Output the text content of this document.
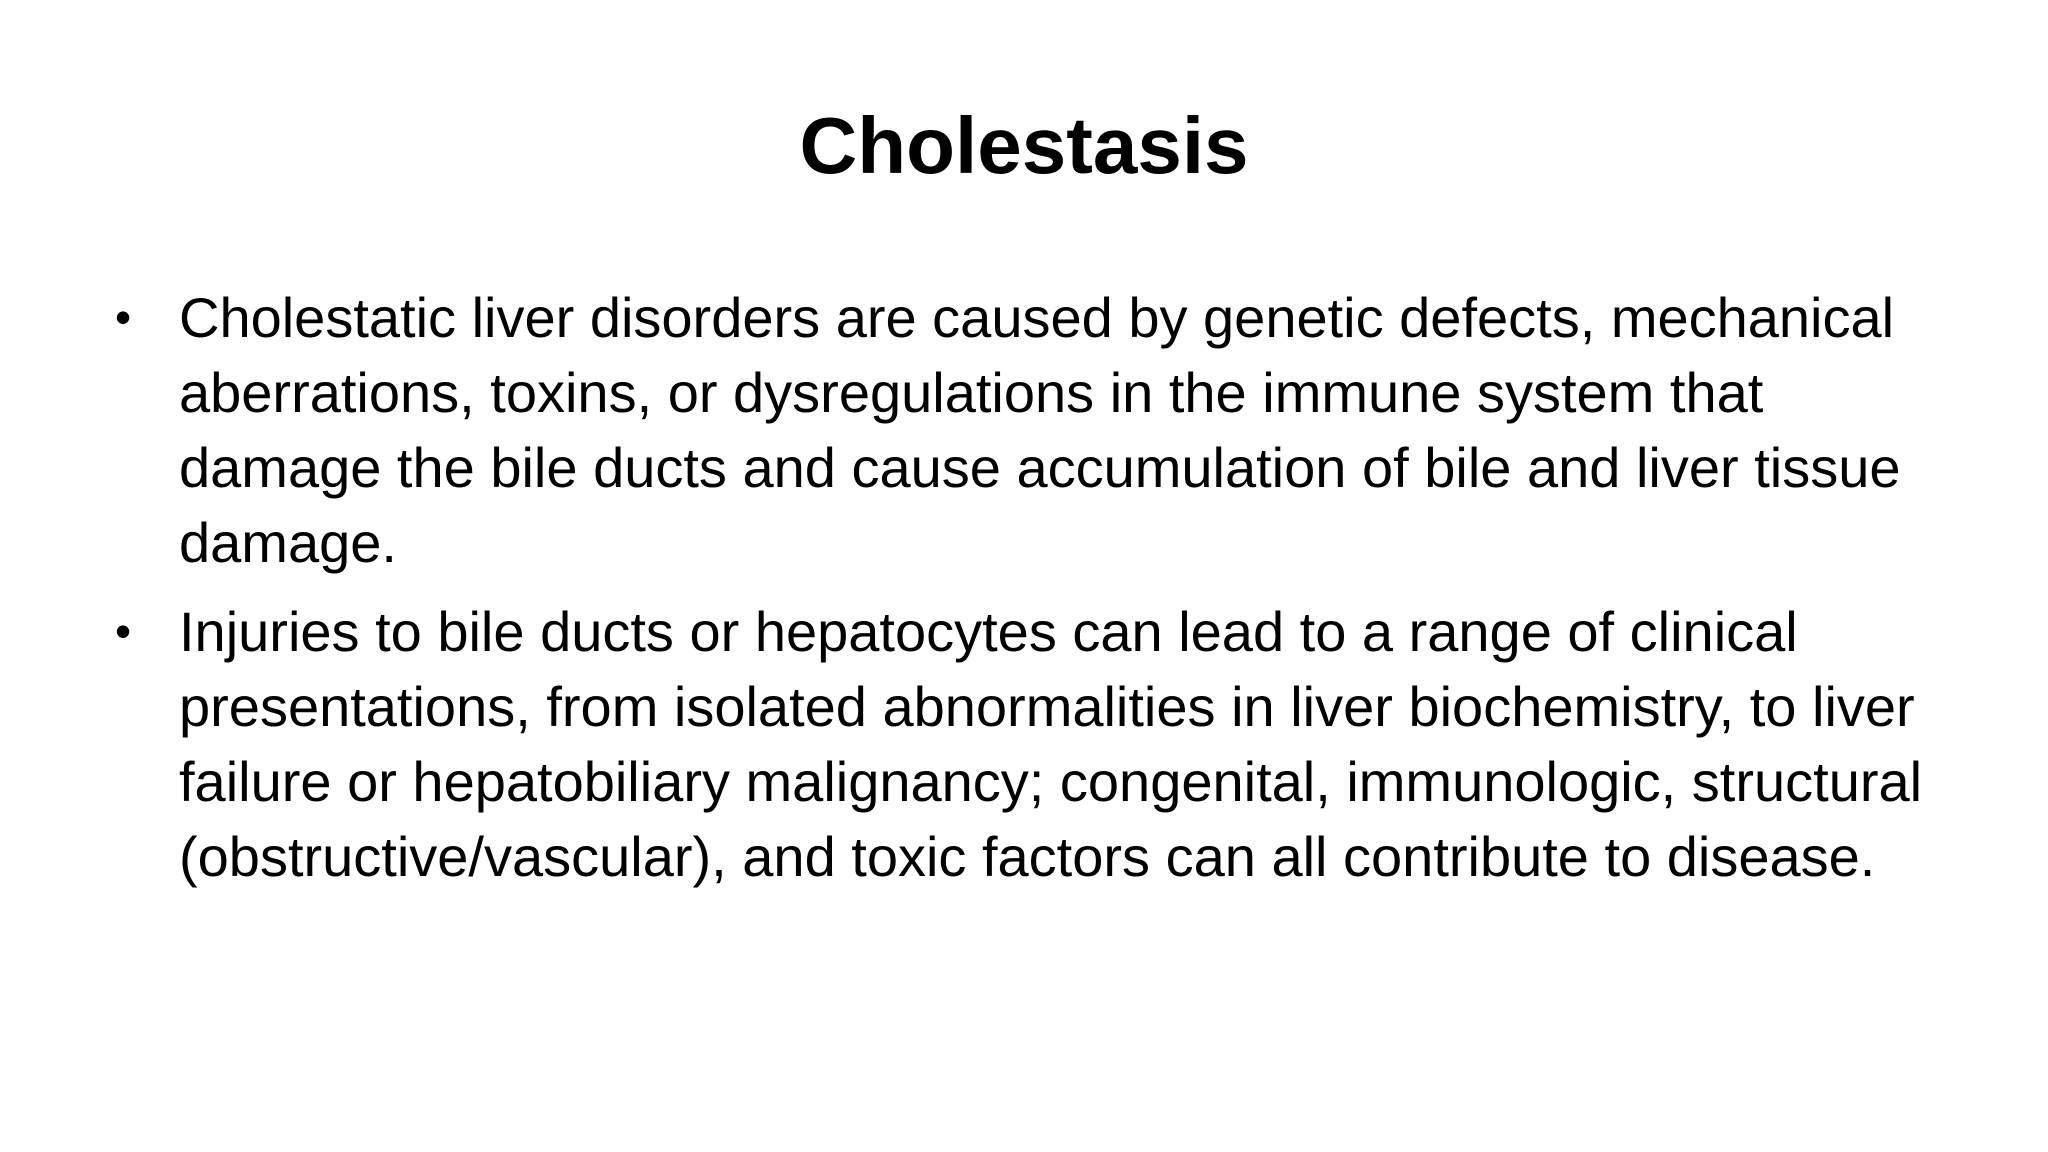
Cholestasis
• Cholestatic liver disorders are caused by genetic defects, mechanical aberrations, toxins, or dysregulations in the immune system that damage the bile ducts and cause accumulation of bile and liver tissue damage.
• Injuries to bile ducts or hepatocytes can lead to a range of clinical presentations, from isolated abnormalities in liver biochemistry, to liver failure or hepatobiliary malignancy; congenital, immunologic, structural (obstructive/vascular), and toxic factors can all contribute to disease.
